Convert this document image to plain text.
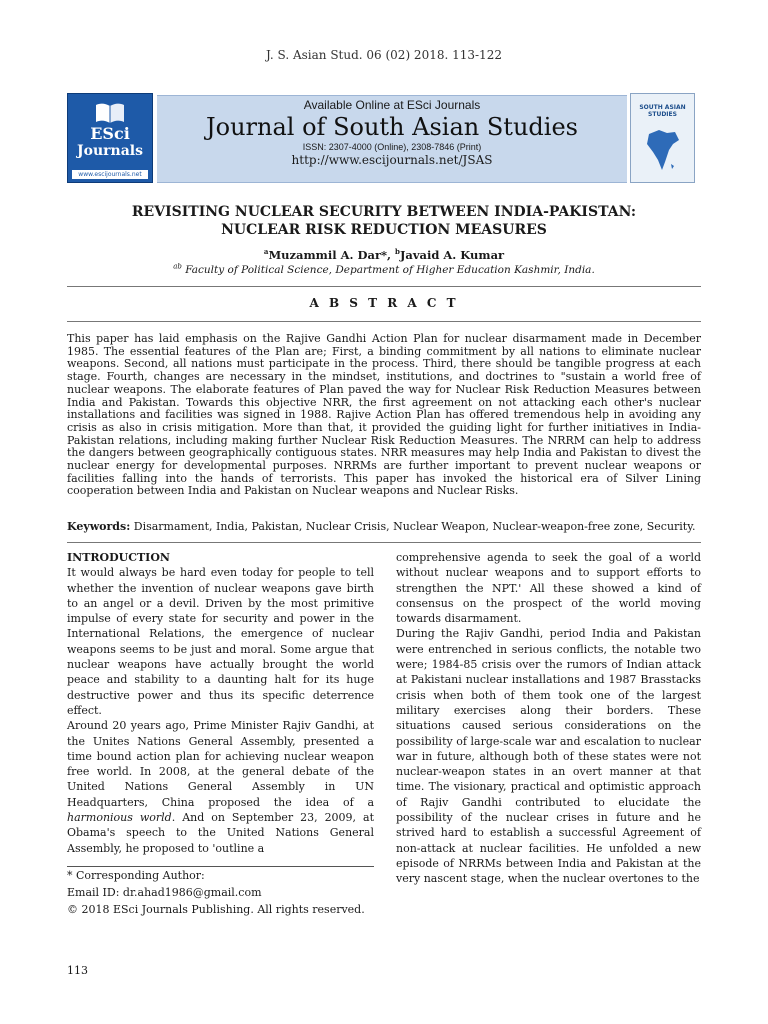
J. S. Asian Stud. 06 (02) 2018. 113-122
ESci
Journals
www.escijournals.net
Available Online at ESci Journals
Journal of South Asian Studies
ISSN: 2307-4000 (Online), 2308-7846 (Print)
http://www.escijournals.net/JSAS
SOUTH ASIAN
STUDIES
REVISITING NUCLEAR SECURITY BETWEEN INDIA-PAKISTAN:
NUCLEAR RISK REDUCTION MEASURES
$^a$Muzammil A. Dar*, $^b$Javaid A. Kumar
$^{ab}$ Faculty of Political Science, Department of Higher Education Kashmir, India.
A B S T R A C T
This paper has laid emphasis on the Rajive Gandhi Action Plan for nuclear disarmament made in December 1985. The essential features of the Plan are; First, a binding commitment by all nations to eliminate nuclear weapons. Second, all nations must participate in the process. Third, there should be tangible progress at each stage. Fourth, changes are necessary in the mindset, institutions, and doctrines to "sustain a world free of nuclear weapons. The elaborate features of Plan paved the way for Nuclear Risk Reduction Measures between India and Pakistan. Towards this objective NRR, the first agreement on not attacking each other's nuclear installations and facilities was signed in 1988. Rajive Action Plan has offered tremendous help in avoiding any crisis as also in crisis mitigation. More than that, it provided the guiding light for further initiatives in India-Pakistan relations, including making further Nuclear Risk Reduction Measures. The NRRM can help to address the dangers between geographically contiguous states. NRR measures may help India and Pakistan to divest the nuclear energy for developmental purposes. NRRMs are further important to prevent nuclear weapons or facilities falling into the hands of terrorists. This paper has invoked the historical era of Silver Lining cooperation between India and Pakistan on Nuclear weapons and Nuclear Risks.
Keywords: Disarmament, India, Pakistan, Nuclear Crisis, Nuclear Weapon, Nuclear-weapon-free zone, Security.

INTRODUCTION

It would always be hard even today for people to tell whether the invention of nuclear weapons gave birth to an angel or a devil. Driven by the most primitive impulse of every state for security and power in the International Relations, the emergence of nuclear weapons seems to be just and moral. Some argue that nuclear weapons have actually brought the world peace and stability to a daunting halt for its huge destructive power and thus its specific deterrence effect.

Around 20 years ago, Prime Minister Rajiv Gandhi, at the Unites Nations General Assembly, presented a time bound action plan for achieving nuclear weapon free world. In 2008, at the general debate of the United Nations General Assembly in UN Headquarters, China proposed the idea of a harmonious world. And on September 23, 2009, at Obama's speech to the United Nations General Assembly, he proposed to 'outline a

comprehensive agenda to seek the goal of a world without nuclear weapons and to support efforts to strengthen the NPT.' All these showed a kind of consensus on the prospect of the world moving towards disarmament.

During the Rajiv Gandhi, period India and Pakistan were entrenched in serious conflicts, the notable two were; 1984-85 crisis over the rumors of Indian attack at Pakistani nuclear installations and 1987 Brasstacks crisis when both of them took one of the largest military exercises along their borders. These situations caused serious considerations on the possibility of large-scale war and escalation to nuclear war in future, although both of these states were not nuclear-weapon states in an overt manner at that time. The visionary, practical and optimistic approach of Rajiv Gandhi contributed to elucidate the possibility of the nuclear crises in future and he strived hard to establish a successful Agreement of non-attack at nuclear facilities. He unfolded a new episode of NRRMs between India and Pakistan at the very nascent stage, when the nuclear overtones to the

* Corresponding Author:
Email ID: dr.ahad1986@gmail.com
© 2018 ESci Journals Publishing. All rights reserved.
113
